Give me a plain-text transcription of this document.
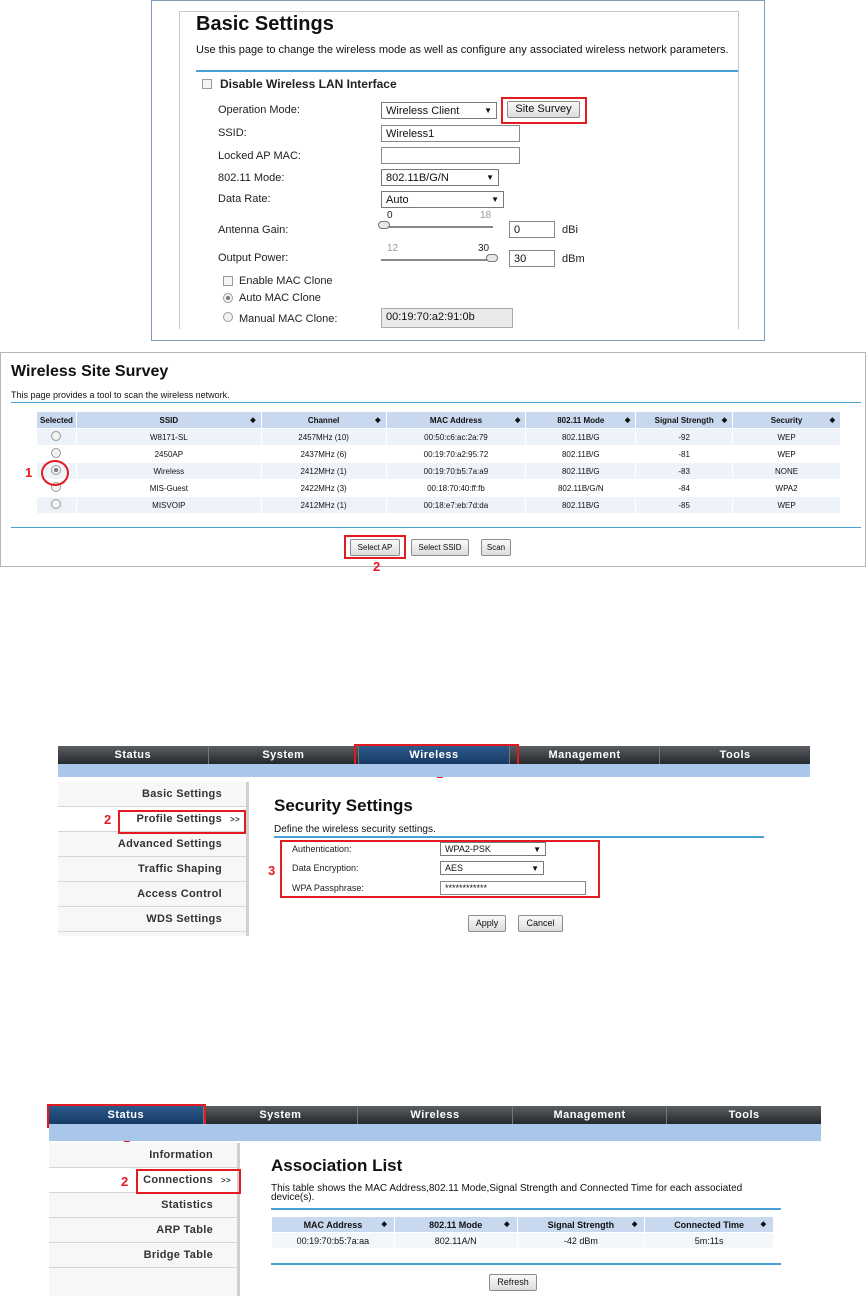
Basic Settings
Use this page to change the wireless mode as well as configure any associated wireless network parameters.
Disable Wireless LAN Interface
Operation Mode:	Wireless Client ▼	Site Survey
SSID:	Wireless1
Locked AP MAC:
802.11 Mode:	802.11B/G/N ▼
Data Rate:	Auto ▼
0	18
Antenna Gain:	0	dBi
12	30
Output Power:	30	dBm
Enable MAC Clone
Auto MAC Clone
Manual MAC Clone:	00:19:70:a2:91:0b
Wireless Site Survey
This page provides a tool to scan the wireless network.
Selected	SSID ◆	Channel ◆	MAC Address ◆	802.11 Mode ◆	Signal Strength ◆	Security ◆

	W8171-SL	2457MHz (10)	00:50:c6:ac:2a:79	802.11B/G	-92	WEP
	2450AP	2437MHz (6)	00:19:70:a2:95:72	802.11B/G	-81	WEP
	Wireless	2412MHz (1)	00:19:70:b5:7a:a9	802.11B/G	-83	NONE
	MIS-Guest	2422MHz (3)	00:18:70:40:ff:fb	802.11B/G/N	-84	WPA2
	MISVOIP	2412MHz (1)	00:18:e7:eb:7d:da	802.11B/G	-85	WEP
1
Select AP	Select SSID	Scan
2
Status	System	Wireless	Management	Tools
Basic Settings
Profile Settings >>
Advanced Settings
Traffic Shaping
Access Control
WDS Settings
2
Security Settings
Define the wireless security settings.
3
Authentication:	WPA2-PSK ▼
Data Encryption:	AES ▼
WPA Passphrase:	************
Apply	Cancel
Status	System	Wireless	Management	Tools
Information
Connections >>
Statistics
ARP Table
Bridge Table
2
Association List
This table shows the MAC Address,802.11 Mode,Signal Strength and Connected Time for each associated device(s).
MAC Address ◆	802.11 Mode ◆	Signal Strength ◆	Connected Time ◆

00:19:70:b5:7a:aa	802.11A/N	-42 dBm	5m:11s
Refresh
